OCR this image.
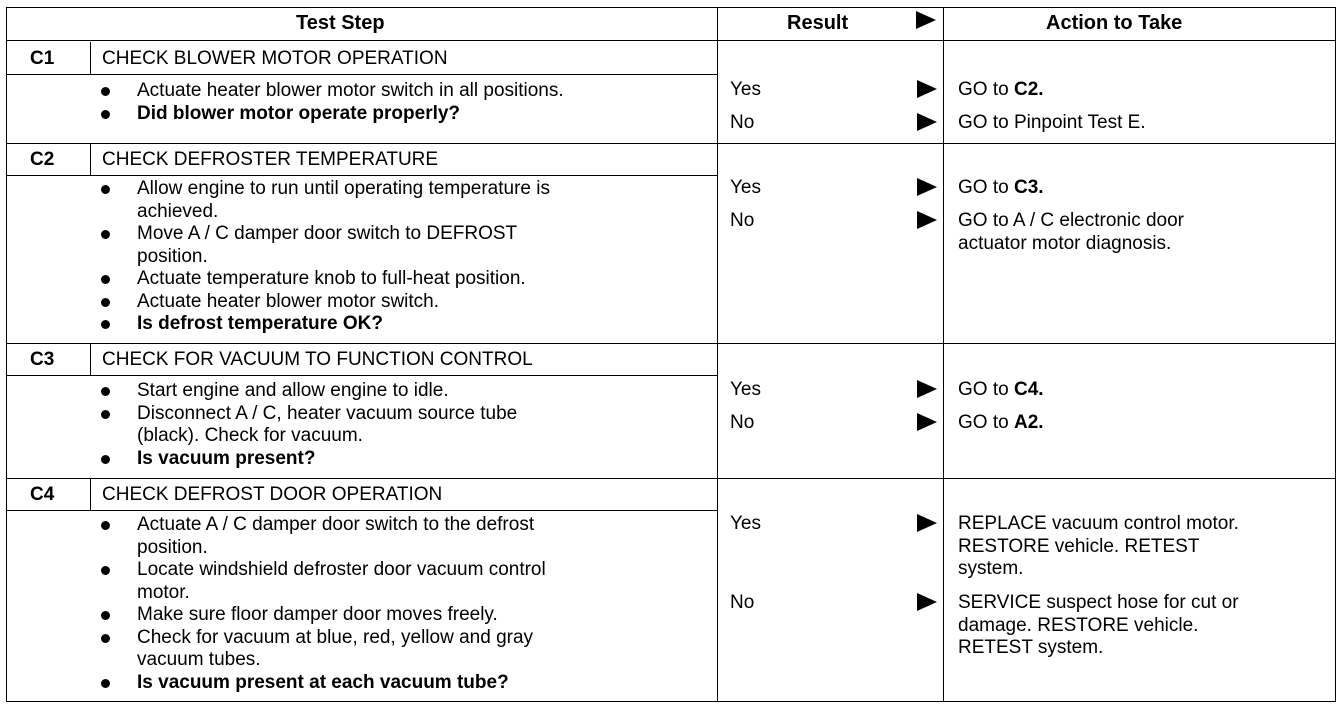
Test Step	Result	Action to Take
C1	CHECK BLOWER MOTOR OPERATION
Actuate heater blower motor switch in all positions.
Did blower motor operate properly?
Yes	GO to C2.
No	GO to Pinpoint Test E.
C2	CHECK DEFROSTER TEMPERATURE
Allow engine to run until operating temperature is
achieved.
Move A / C damper door switch to DEFROST
position.
Actuate temperature knob to full-heat position.
Actuate heater blower motor switch.
Is defrost temperature OK?
Yes	GO to C3.
No	GO to A / C electronic door
actuator motor diagnosis.
C3	CHECK FOR VACUUM TO FUNCTION CONTROL
Start engine and allow engine to idle.
Disconnect A / C, heater vacuum source tube
(black). Check for vacuum.
Is vacuum present?
Yes	GO to C4.
No	GO to A2.
C4	CHECK DEFROST DOOR OPERATION
Actuate A / C damper door switch to the defrost
position.
Locate windshield defroster door vacuum control
motor.
Make sure floor damper door moves freely.
Check for vacuum at blue, red, yellow and gray
vacuum tubes.
Is vacuum present at each vacuum tube?
Yes	REPLACE vacuum control motor.
RESTORE vehicle. RETEST
system.
No	SERVICE suspect hose for cut or
damage. RESTORE vehicle.
RETEST system.
